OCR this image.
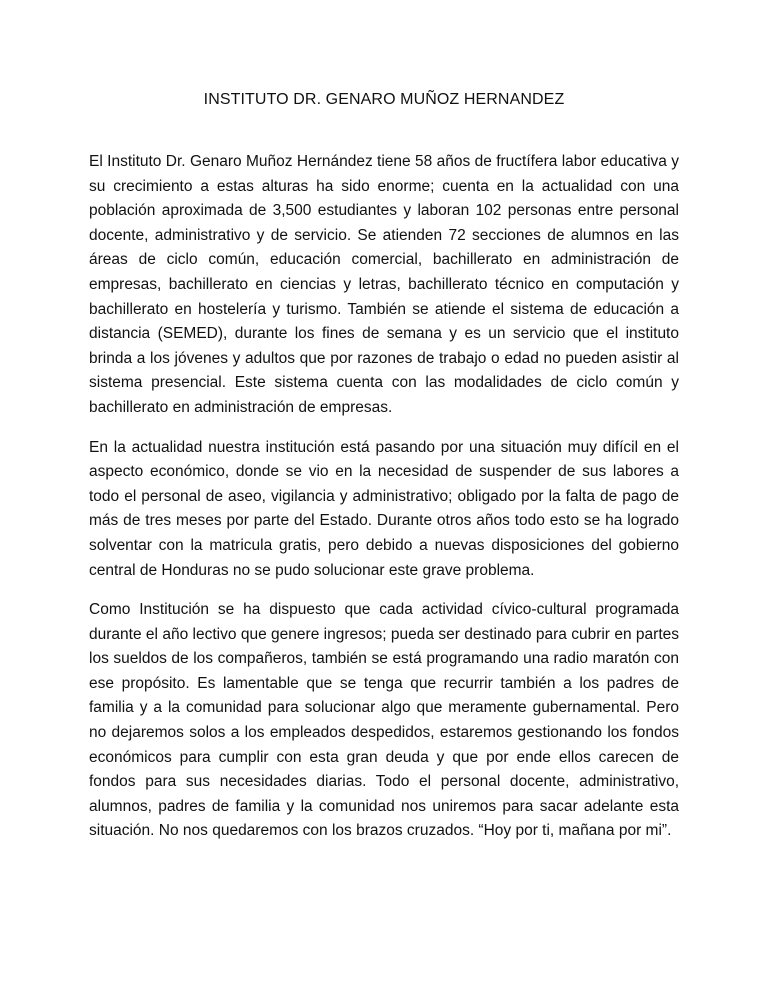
INSTITUTO DR. GENARO MUÑOZ HERNANDEZ

El Instituto Dr. Genaro Muñoz Hernández tiene 58 años de fructífera labor educativa y su crecimiento a estas alturas ha sido enorme; cuenta en la actualidad con una población aproximada de 3,500 estudiantes y laboran 102 personas entre personal docente, administrativo y de servicio. Se atienden 72 secciones de alumnos en las áreas de ciclo común, educación comercial, bachillerato en administración de empresas, bachillerato en ciencias y letras, bachillerato técnico en computación y bachillerato en hostelería y turismo. También se atiende el sistema de educación a distancia (SEMED), durante los fines de semana y es un servicio que el instituto brinda a los jóvenes y adultos que por razones de trabajo o edad no pueden asistir al sistema presencial. Este sistema cuenta con las modalidades de ciclo común y bachillerato en administración de empresas.

En la actualidad nuestra institución está pasando por una situación muy difícil en el aspecto económico, donde se vio en la necesidad de suspender de sus labores a todo el personal de aseo, vigilancia y administrativo; obligado por la falta de pago de más de tres meses por parte del Estado. Durante otros años todo esto se ha logrado solventar con la matricula gratis, pero debido a nuevas disposiciones del gobierno central de Honduras no se pudo solucionar este grave problema.

Como Institución se ha dispuesto que cada actividad cívico-cultural programada durante el año lectivo que genere ingresos; pueda ser destinado para cubrir en partes los sueldos de los compañeros, también se está programando una radio maratón con ese propósito. Es lamentable que se tenga que recurrir también a los padres de familia y a la comunidad para solucionar algo que meramente gubernamental. Pero no dejaremos solos a los empleados despedidos, estaremos gestionando los fondos económicos para cumplir con esta gran deuda y que por ende ellos carecen de fondos para sus necesidades diarias. Todo el personal docente, administrativo, alumnos, padres de familia y la comunidad nos uniremos para sacar adelante esta situación. No nos quedaremos con los brazos cruzados. “Hoy por ti, mañana por mi”.
